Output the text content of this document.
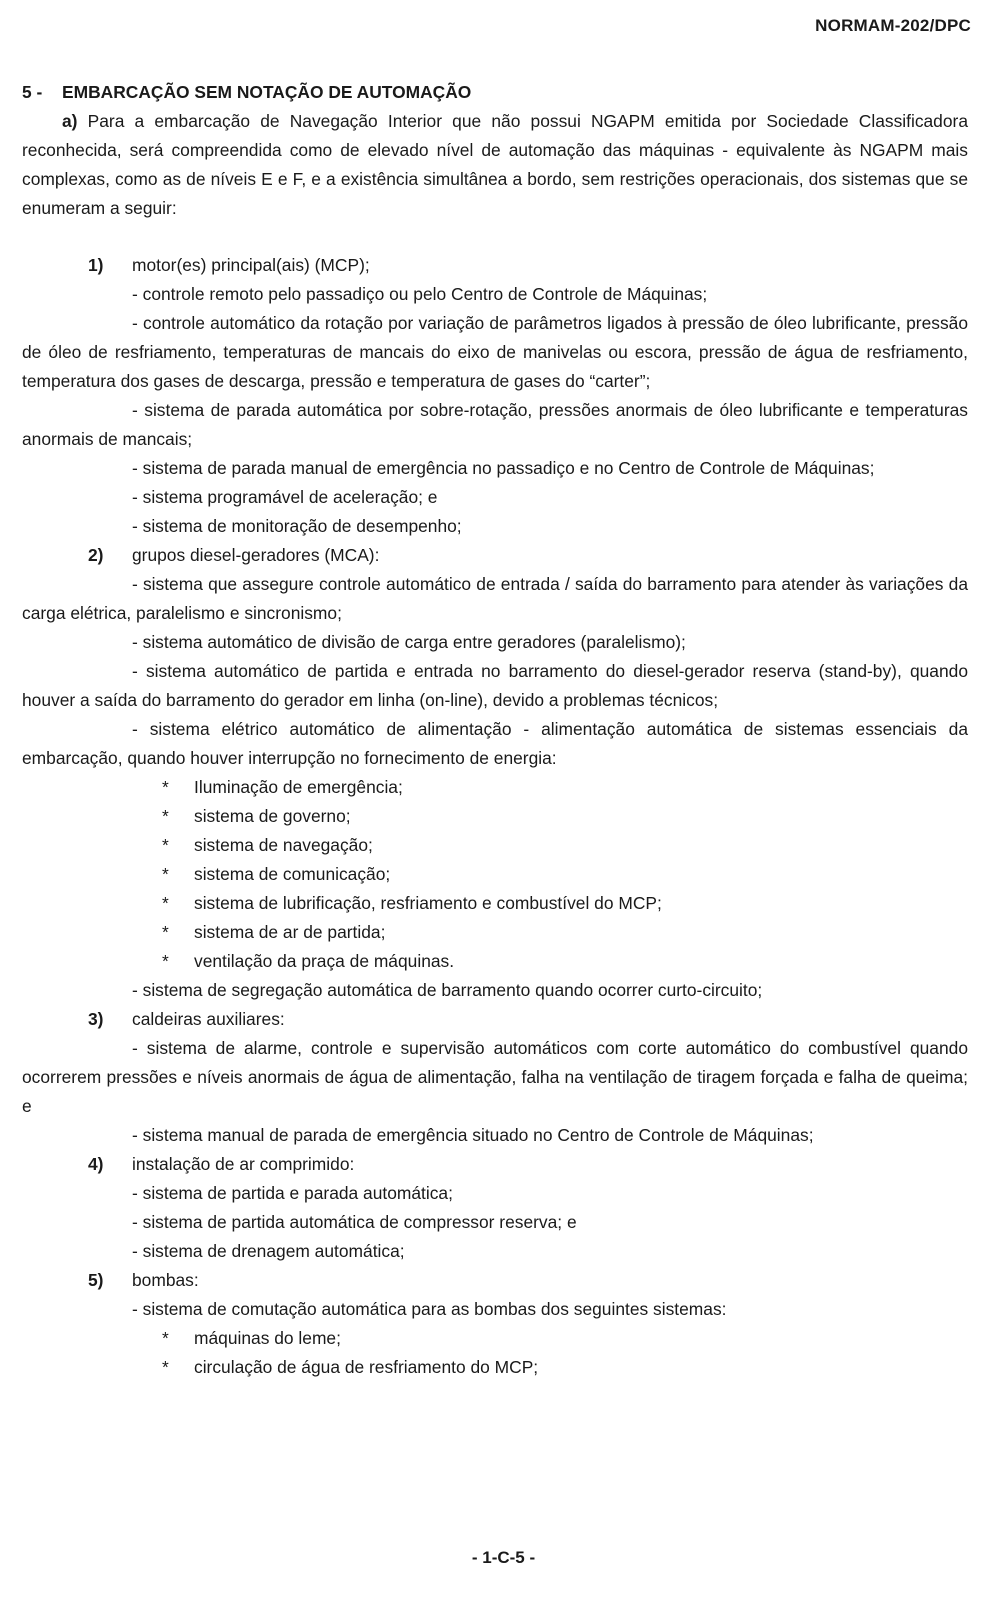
NORMAM-202/DPC

5 - EMBARCAÇÃO SEM NOTAÇÃO DE AUTOMAÇÃO

a) Para a embarcação de Navegação Interior que não possui NGAPM emitida por Sociedade Classificadora reconhecida, será compreendida como de elevado nível de automação das máquinas - equivalente às NGAPM mais complexas, como as de níveis E e F, e a existência simultânea a bordo, sem restrições operacionais, dos sistemas que se enumeram a seguir:

1) motor(es) principal(ais) (MCP);

- controle remoto pelo passadiço ou pelo Centro de Controle de Máquinas;

- controle automático da rotação por variação de parâmetros ligados à pressão de óleo lubrificante, pressão de óleo de resfriamento, temperaturas de mancais do eixo de manivelas ou escora, pressão de água de resfriamento, temperatura dos gases de descarga, pressão e temperatura de gases do “carter”;

- sistema de parada automática por sobre-rotação, pressões anormais de óleo lubrificante e temperaturas anormais de mancais;

- sistema de parada manual de emergência no passadiço e no Centro de Controle de Máquinas;

- sistema programável de aceleração; e

- sistema de monitoração de desempenho;

2) grupos diesel-geradores (MCA):

- sistema que assegure controle automático de entrada / saída do barramento para atender às variações da carga elétrica, paralelismo e sincronismo;

- sistema automático de divisão de carga entre geradores (paralelismo);

- sistema automático de partida e entrada no barramento do diesel-gerador reserva (stand-by), quando houver a saída do barramento do gerador em linha (on-line), devido a problemas técnicos;

- sistema elétrico automático de alimentação - alimentação automática de sistemas essenciais da embarcação, quando houver interrupção no fornecimento de energia:

* Iluminação de emergência;

* sistema de governo;

* sistema de navegação;

* sistema de comunicação;

* sistema de lubrificação, resfriamento e combustível do MCP;

* sistema de ar de partida;

* ventilação da praça de máquinas.

- sistema de segregação automática de barramento quando ocorrer curto-circuito;

3) caldeiras auxiliares:

- sistema de alarme, controle e supervisão automáticos com corte automático do combustível quando ocorrerem pressões e níveis anormais de água de alimentação, falha na ventilação de tiragem forçada e falha de queima; e

- sistema manual de parada de emergência situado no Centro de Controle de Máquinas;

4) instalação de ar comprimido:

- sistema de partida e parada automática;

- sistema de partida automática de compressor reserva; e

- sistema de drenagem automática;

5) bombas:

- sistema de comutação automática para as bombas dos seguintes sistemas:

* máquinas do leme;

* circulação de água de resfriamento do MCP;

- 1-C-5 -
